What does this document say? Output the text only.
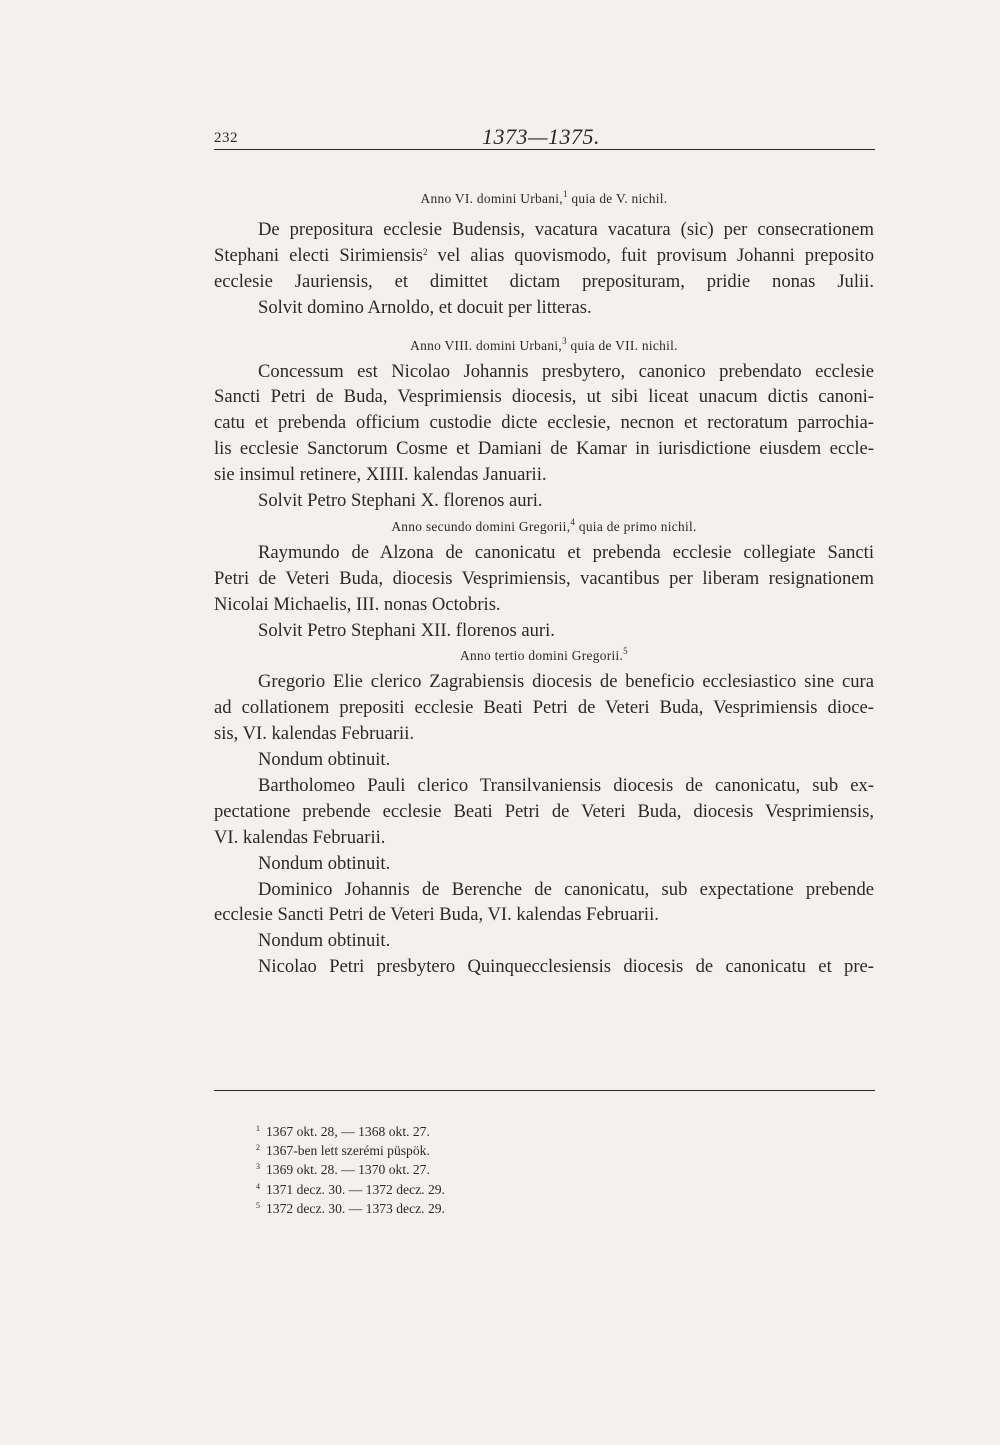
232	1373—1375.
Anno VI. domini Urbani,$^1$ quia de V. nichil.
De prepositura ecclesie Budensis, vacatura vacatura (sic) per consecrationem
Stephani electi Sirimiensis$^2$ vel alias quovismodo, fuit provisum Johanni preposito
ecclesie Jauriensis, et dimittet dictam preposituram, pridie nonas Julii.
Solvit domino Arnoldo, et docuit per litteras.
Anno VIII. domini Urbani,$^3$ quia de VII. nichil.
Concessum est Nicolao Johannis presbytero, canonico prebendato ecclesie
Sancti Petri de Buda, Vesprimiensis diocesis, ut sibi liceat unacum dictis canoni-
catu et prebenda officium custodie dicte ecclesie, necnon et rectoratum parrochia-
lis ecclesie Sanctorum Cosme et Damiani de Kamar in iurisdictione eiusdem eccle-
sie insimul retinere, XIIII. kalendas Januarii.
Solvit Petro Stephani X. florenos auri.
Anno secundo domini Gregorii,$^4$ quia de primo nichil.
Raymundo de Alzona de canonicatu et prebenda ecclesie collegiate Sancti
Petri de Veteri Buda, diocesis Vesprimiensis, vacantibus per liberam resignationem
Nicolai Michaelis, III. nonas Octobris.
Solvit Petro Stephani XII. florenos auri.
Anno tertio domini Gregorii.$^5$
Gregorio Elie clerico Zagrabiensis diocesis de beneficio ecclesiastico sine cura
ad collationem prepositi ecclesie Beati Petri de Veteri Buda, Vesprimiensis dioce-
sis, VI. kalendas Februarii.
Nondum obtinuit.
Bartholomeo Pauli clerico Transilvaniensis diocesis de canonicatu, sub ex-
pectatione prebende ecclesie Beati Petri de Veteri Buda, diocesis Vesprimiensis,
VI. kalendas Februarii.
Nondum obtinuit.
Dominico Johannis de Berenche de canonicatu, sub expectatione prebende
ecclesie Sancti Petri de Veteri Buda, VI. kalendas Februarii.
Nondum obtinuit.
Nicolao Petri presbytero Quinquecclesiensis diocesis de canonicatu et pre-
$^1$ 1367 okt. 28, — 1368 okt. 27.
$^2$ 1367-ben lett szerémi püspök.
$^3$ 1369 okt. 28. — 1370 okt. 27.
$^4$ 1371 decz. 30. — 1372 decz. 29.
$^5$ 1372 decz. 30. — 1373 decz. 29.
